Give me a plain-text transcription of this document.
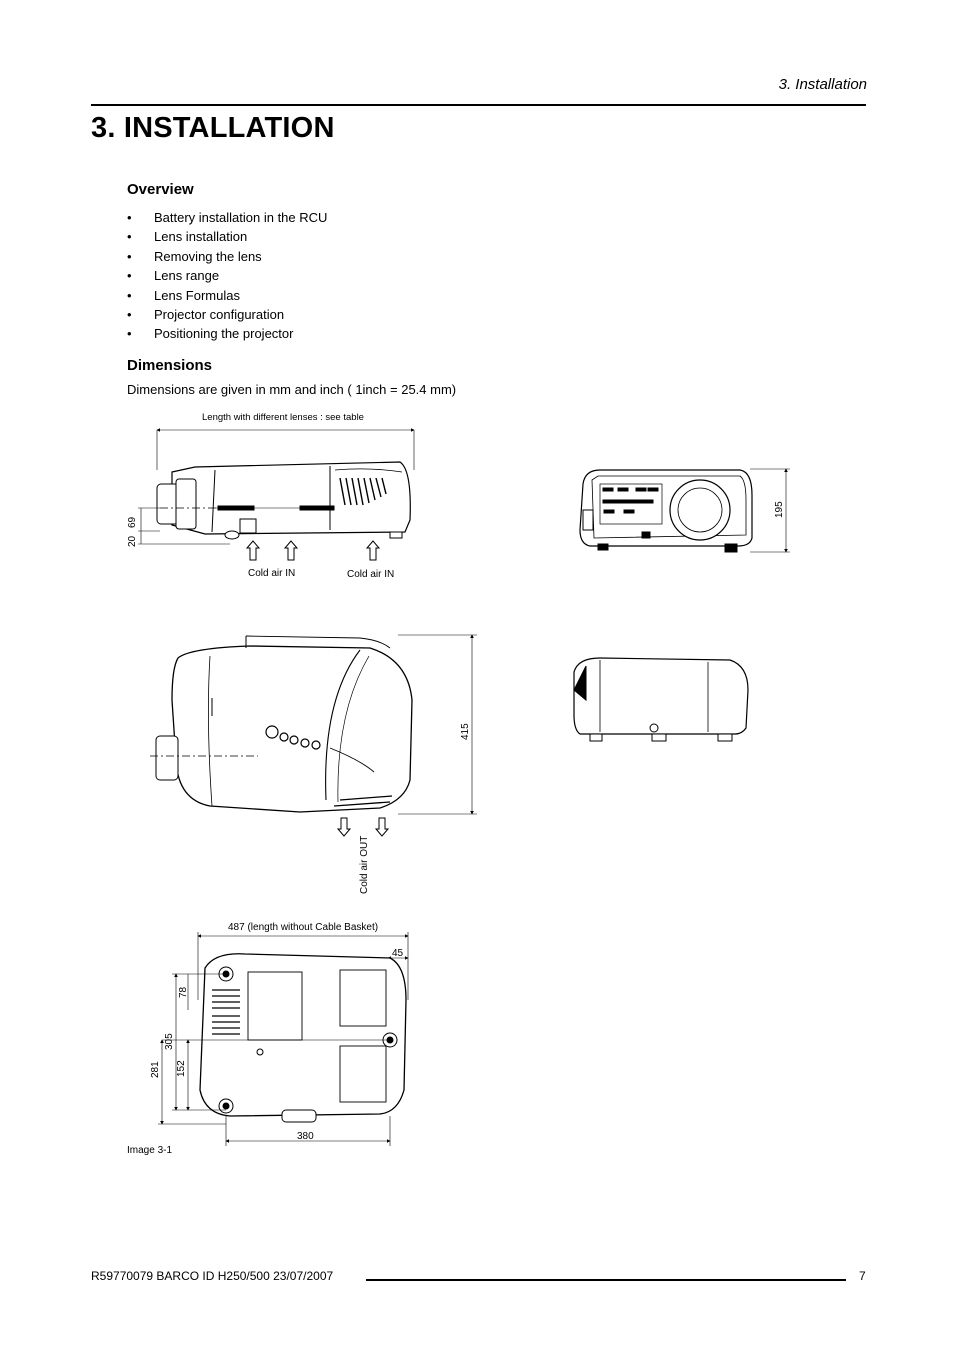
3. Installation
3. INSTALLATION
Overview
• Battery installation in the RCU
• Lens installation
• Removing the lens
• Lens range
• Lens Formulas
• Projector configuration
• Positioning the projector
Dimensions
Dimensions are given in mm and inch ( 1inch = 25.4 mm)
Length with different lenses : see table
20
69
Cold air IN	Cold air IN
195
415
Cold air OUT
487 (length without Cable Basket)
45
78
305
281 152
380
Image 3-1
R59770079 BARCO ID H250/500 23/07/2007	7
